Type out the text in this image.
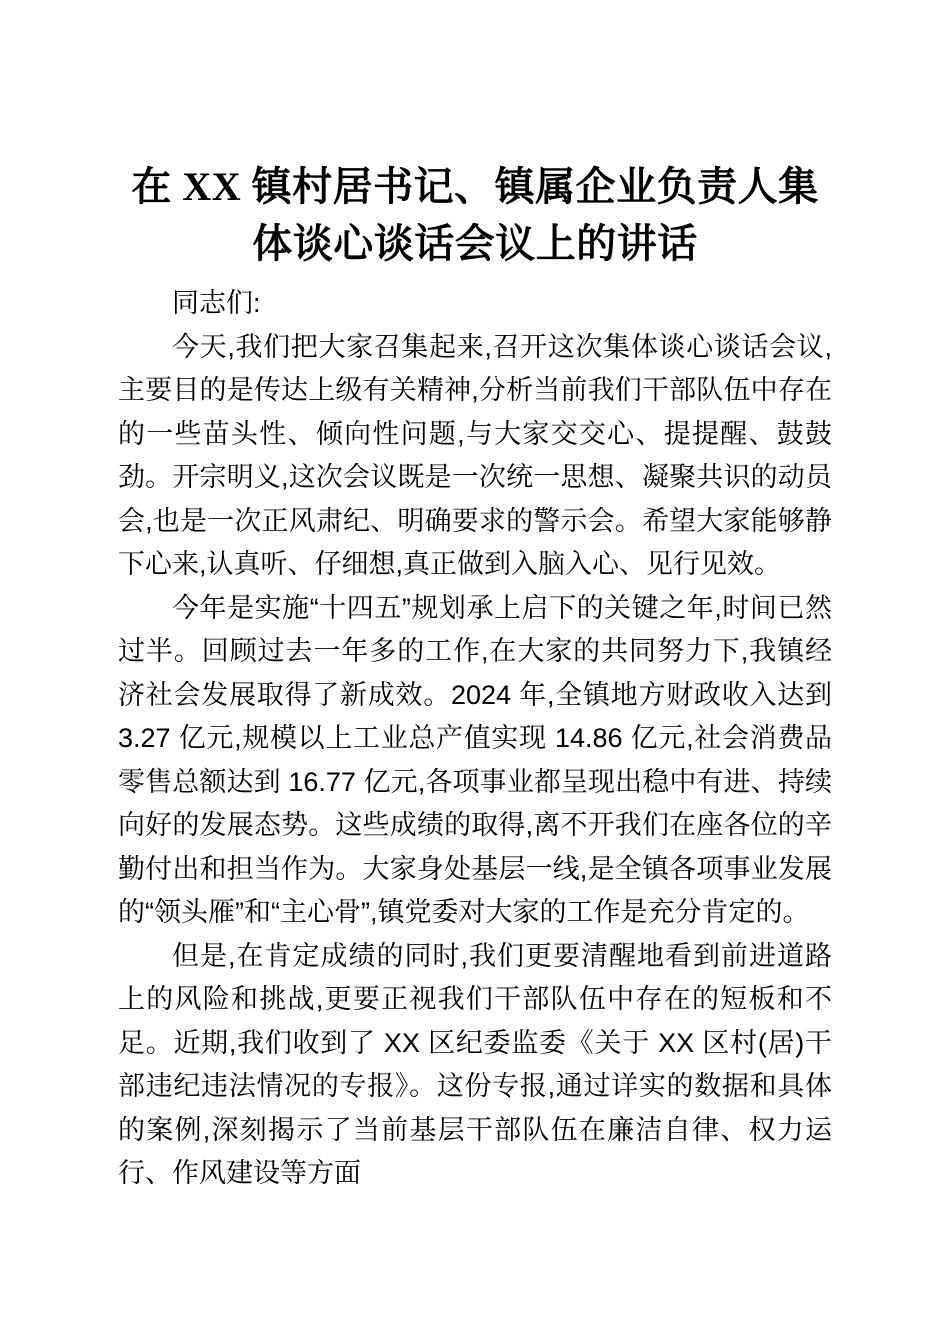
在 XX 镇村居书记、镇属企业负责人集体谈心谈话会议上的讲话

同志们:

今天,我们把大家召集起来,召开这次集体谈心谈话会议,主要目的是传达上级有关精神,分析当前我们干部队伍中存在的一些苗头性、倾向性问题,与大家交交心、提提醒、鼓鼓劲。开宗明义,这次会议既是一次统一思想、凝聚共识的动员会,也是一次正风肃纪、明确要求的警示会。希望大家能够静下心来,认真听、仔细想,真正做到入脑入心、见行见效。

今年是实施“十四五”规划承上启下的关键之年,时间已然过半。回顾过去一年多的工作,在大家的共同努力下,我镇经济社会发展取得了新成效。2024 年,全镇地方财政收入达到 3.27 亿元,规模以上工业总产值实现 14.86 亿元,社会消费品零售总额达到 16.77 亿元,各项事业都呈现出稳中有进、持续向好的发展态势。这些成绩的取得,离不开我们在座各位的辛勤付出和担当作为。大家身处基层一线,是全镇各项事业发展的“领头雁”和“主心骨”,镇党委对大家的工作是充分肯定的。

但是,在肯定成绩的同时,我们更要清醒地看到前进道路上的风险和挑战,更要正视我们干部队伍中存在的短板和不足。近期,我们收到了 XX 区纪委监委《关于 XX 区村(居)干部违纪违法情况的专报》。这份专报,通过详实的数据和具体的案例,深刻揭示了当前基层干部队伍在廉洁自律、权力运行、作风建设等方面
